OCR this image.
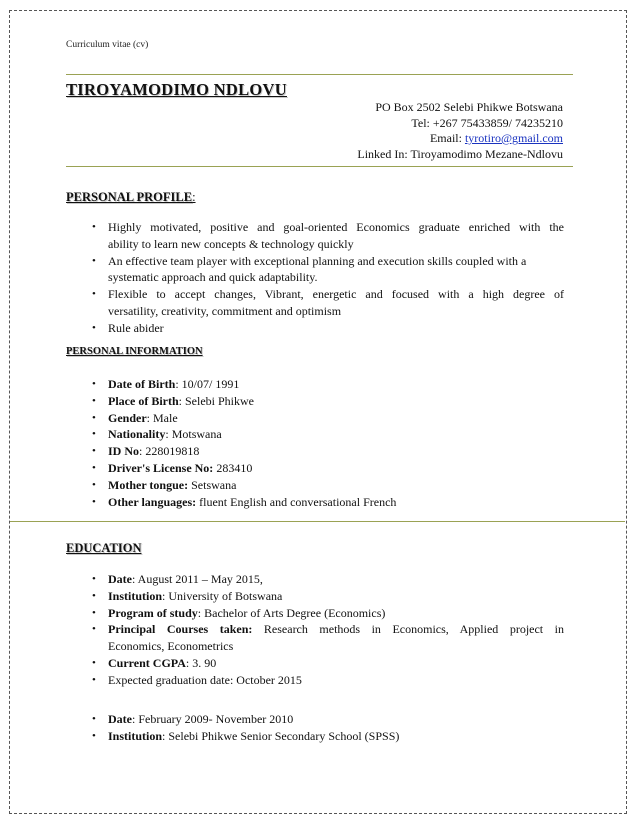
Curriculum vitae (cv)
TIROYAMODIMO NDLOVU
PO Box 2502 Selebi Phikwe Botswana
Tel: +267 75433859/ 74235210
Email: tyrotiro@gmail.com
Linked In: Tiroyamodimo Mezane-Ndlovu
PERSONAL PROFILE:
• Highly motivated, positive and goal-oriented Economics graduate enriched with the
ability to learn new concepts & technology quickly
• An effective team player with exceptional planning and execution skills coupled with a
systematic approach and quick adaptability.
• Flexible to accept changes, Vibrant, energetic and focused with a high degree of
versatility, creativity, commitment and optimism
• Rule abider
PERSONAL INFORMATION
• Date of Birth: 10/07/ 1991
• Place of Birth: Selebi Phikwe
• Gender: Male
• Nationality: Motswana
• ID No: 228019818
• Driver's License No: 283410
• Mother tongue: Setswana
• Other languages: fluent English and conversational French
EDUCATION
• Date: August 2011 – May 2015,
• Institution: University of Botswana
• Program of study: Bachelor of Arts Degree (Economics)
• Principal Courses taken: Research methods in Economics, Applied project in
Economics, Econometrics
• Current CGPA: 3. 90
• Expected graduation date: October 2015
• Date: February 2009- November 2010
• Institution: Selebi Phikwe Senior Secondary School (SPSS)
